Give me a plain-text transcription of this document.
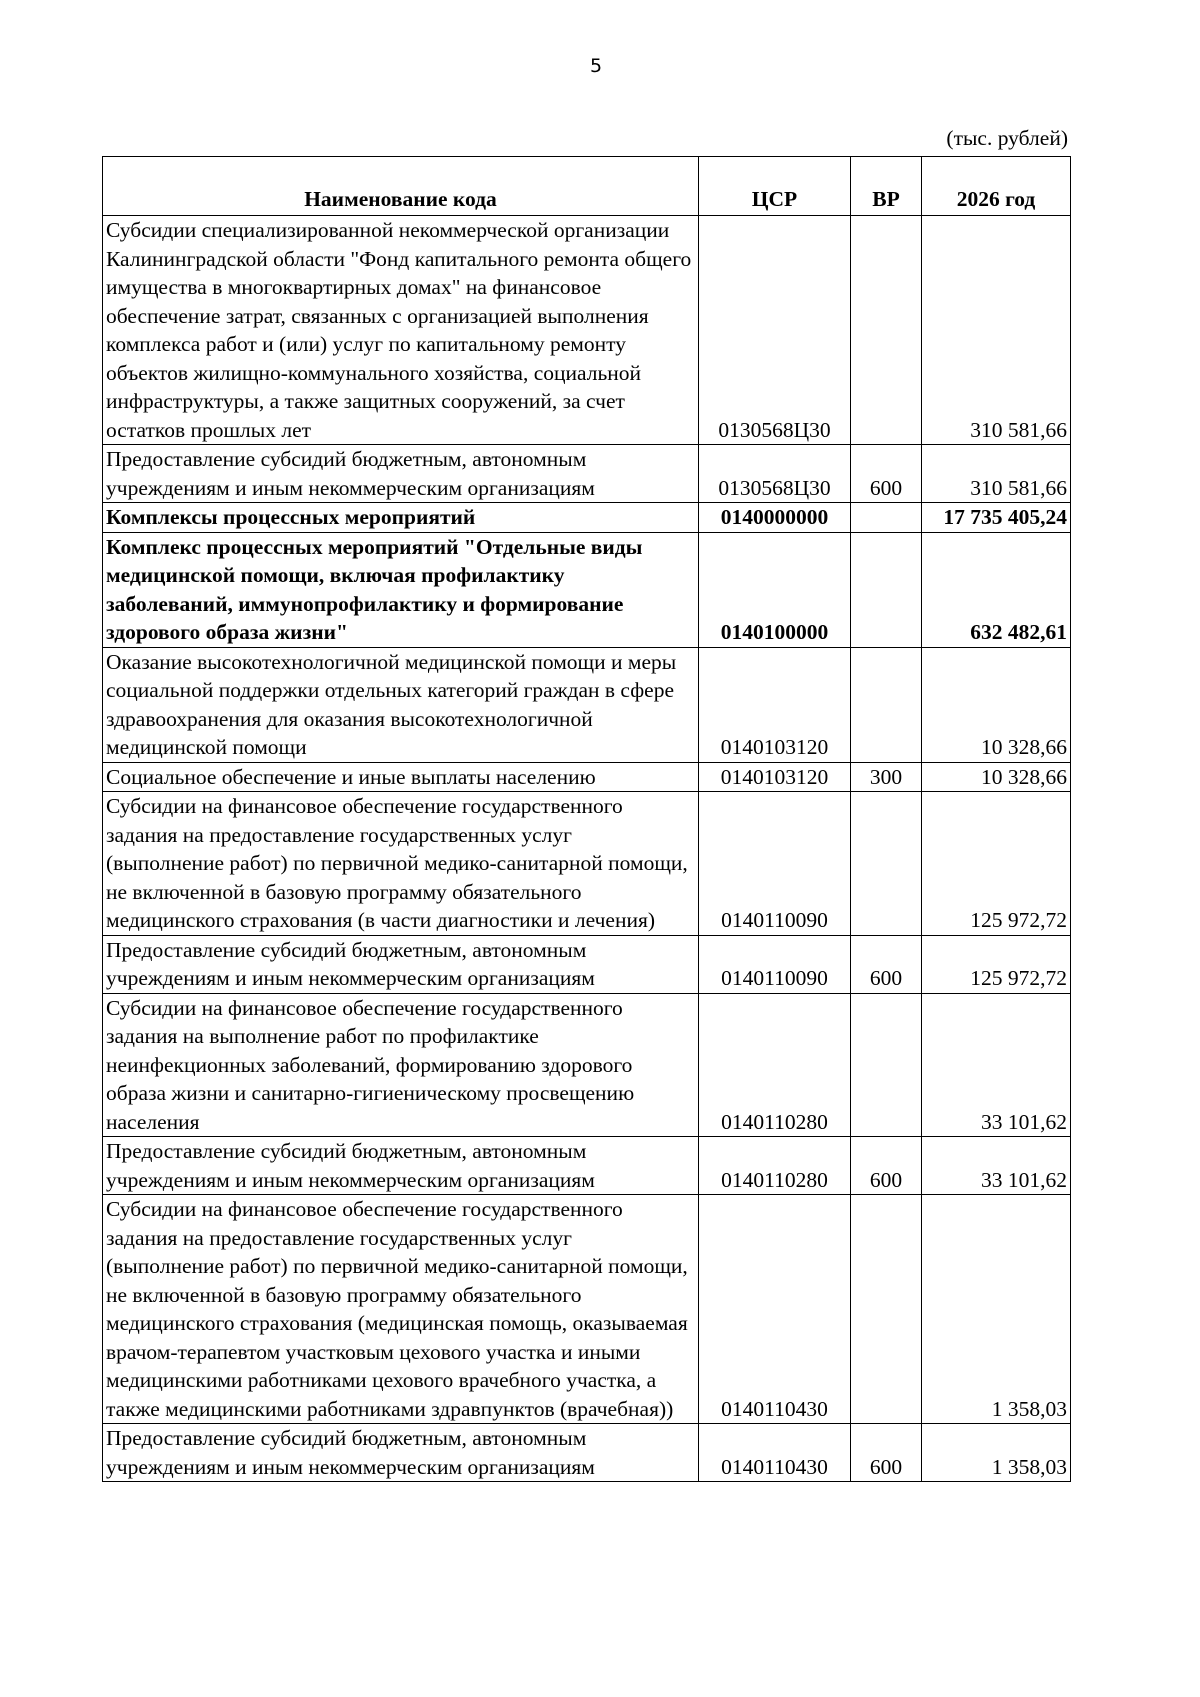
5
(тыс. рублей)
Наименование кода	ЦСР	ВР	2026 год
Субсидии специализированной некоммерческой организации Калининградской области "Фонд капитального ремонта общего имущества в многоквартирных домах" на финансовое обеспечение затрат, связанных с организацией выполнения комплекса работ и (или) услуг по капитальному ремонту объектов жилищно-коммунального хозяйства, социальной инфраструктуры, а также защитных сооружений, за счет остатков прошлых лет	0130568Ц30		310 581,66
Предоставление субсидий бюджетным, автономным учреждениям и иным некоммерческим организациям	0130568Ц30	600	310 581,66
Комплексы процессных мероприятий	0140000000		17 735 405,24
Комплекс процессных мероприятий "Отдельные виды медицинской помощи, включая профилактику заболеваний, иммунопрофилактику и формирование здорового образа жизни"	0140100000		632 482,61
Оказание высокотехнологичной медицинской помощи и меры социальной поддержки отдельных категорий граждан в сфере здравоохранения для оказания высокотехнологичной медицинской помощи	0140103120		10 328,66
Социальное обеспечение и иные выплаты населению	0140103120	300	10 328,66
Субсидии на финансовое обеспечение государственного задания на предоставление государственных услуг (выполнение работ) по первичной медико-санитарной помощи, не включенной в базовую программу обязательного медицинского страхования (в части диагностики и лечения)	0140110090		125 972,72
Предоставление субсидий бюджетным, автономным учреждениям и иным некоммерческим организациям	0140110090	600	125 972,72
Субсидии на финансовое обеспечение государственного задания на выполнение работ по профилактике неинфекционных заболеваний, формированию здорового образа жизни и санитарно-гигиеническому просвещению населения	0140110280		33 101,62
Предоставление субсидий бюджетным, автономным учреждениям и иным некоммерческим организациям	0140110280	600	33 101,62
Субсидии на финансовое обеспечение государственного задания на предоставление государственных услуг (выполнение работ) по первичной медико-санитарной помощи, не включенной в базовую программу обязательного медицинского страхования (медицинская помощь, оказываемая врачом-терапевтом участковым цехового участка и иными медицинскими работниками цехового врачебного участка, а также медицинскими работниками здравпунктов (врачебная))	0140110430		1 358,03
Предоставление субсидий бюджетным, автономным учреждениям и иным некоммерческим организациям	0140110430	600	1 358,03
